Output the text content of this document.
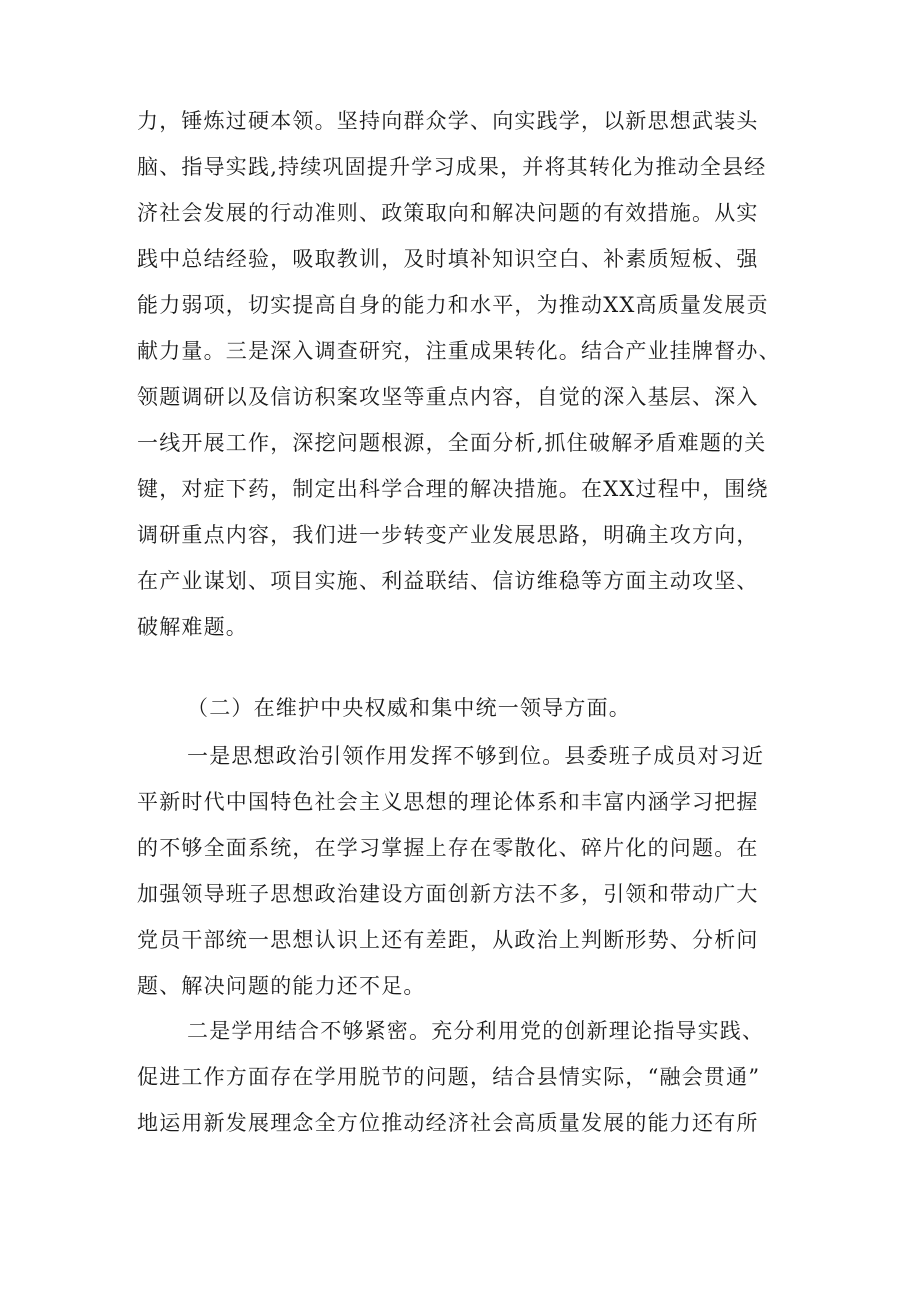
力，锤炼过硬本领。坚持向群众学、向实践学，以新思想武装头
脑、指导实践,持续巩固提升学习成果，并将其转化为推动全县经
济社会发展的行动准则、政策取向和解决问题的有效措施。从实
践中总结经验，吸取教训，及时填补知识空白、补素质短板、强
能力弱项，切实提高自身的能力和水平，为推动XX高质量发展贡
献力量。三是深入调查研究，注重成果转化。结合产业挂牌督办、
领题调研以及信访积案攻坚等重点内容，自觉的深入基层、深入
一线开展工作，深挖问题根源，全面分析,抓住破解矛盾难题的关
键，对症下药，制定出科学合理的解决措施。在XX过程中，围绕
调研重点内容，我们进一步转变产业发展思路，明确主攻方向，
在产业谋划、项目实施、利益联结、信访维稳等方面主动攻坚、
破解难题。
（二）在维护中央权威和集中统一领导方面。
一是思想政治引领作用发挥不够到位。县委班子成员对习近
平新时代中国特色社会主义思想的理论体系和丰富内涵学习把握
的不够全面系统，在学习掌握上存在零散化、碎片化的问题。在
加强领导班子思想政治建设方面创新方法不多，引领和带动广大
党员干部统一思想认识上还有差距，从政治上判断形势、分析问
题、解决问题的能力还不足。
二是学用结合不够紧密。充分利用党的创新理论指导实践、
促进工作方面存在学用脱节的问题，结合县情实际，“融会贯通”
地运用新发展理念全方位推动经济社会高质量发展的能力还有所
